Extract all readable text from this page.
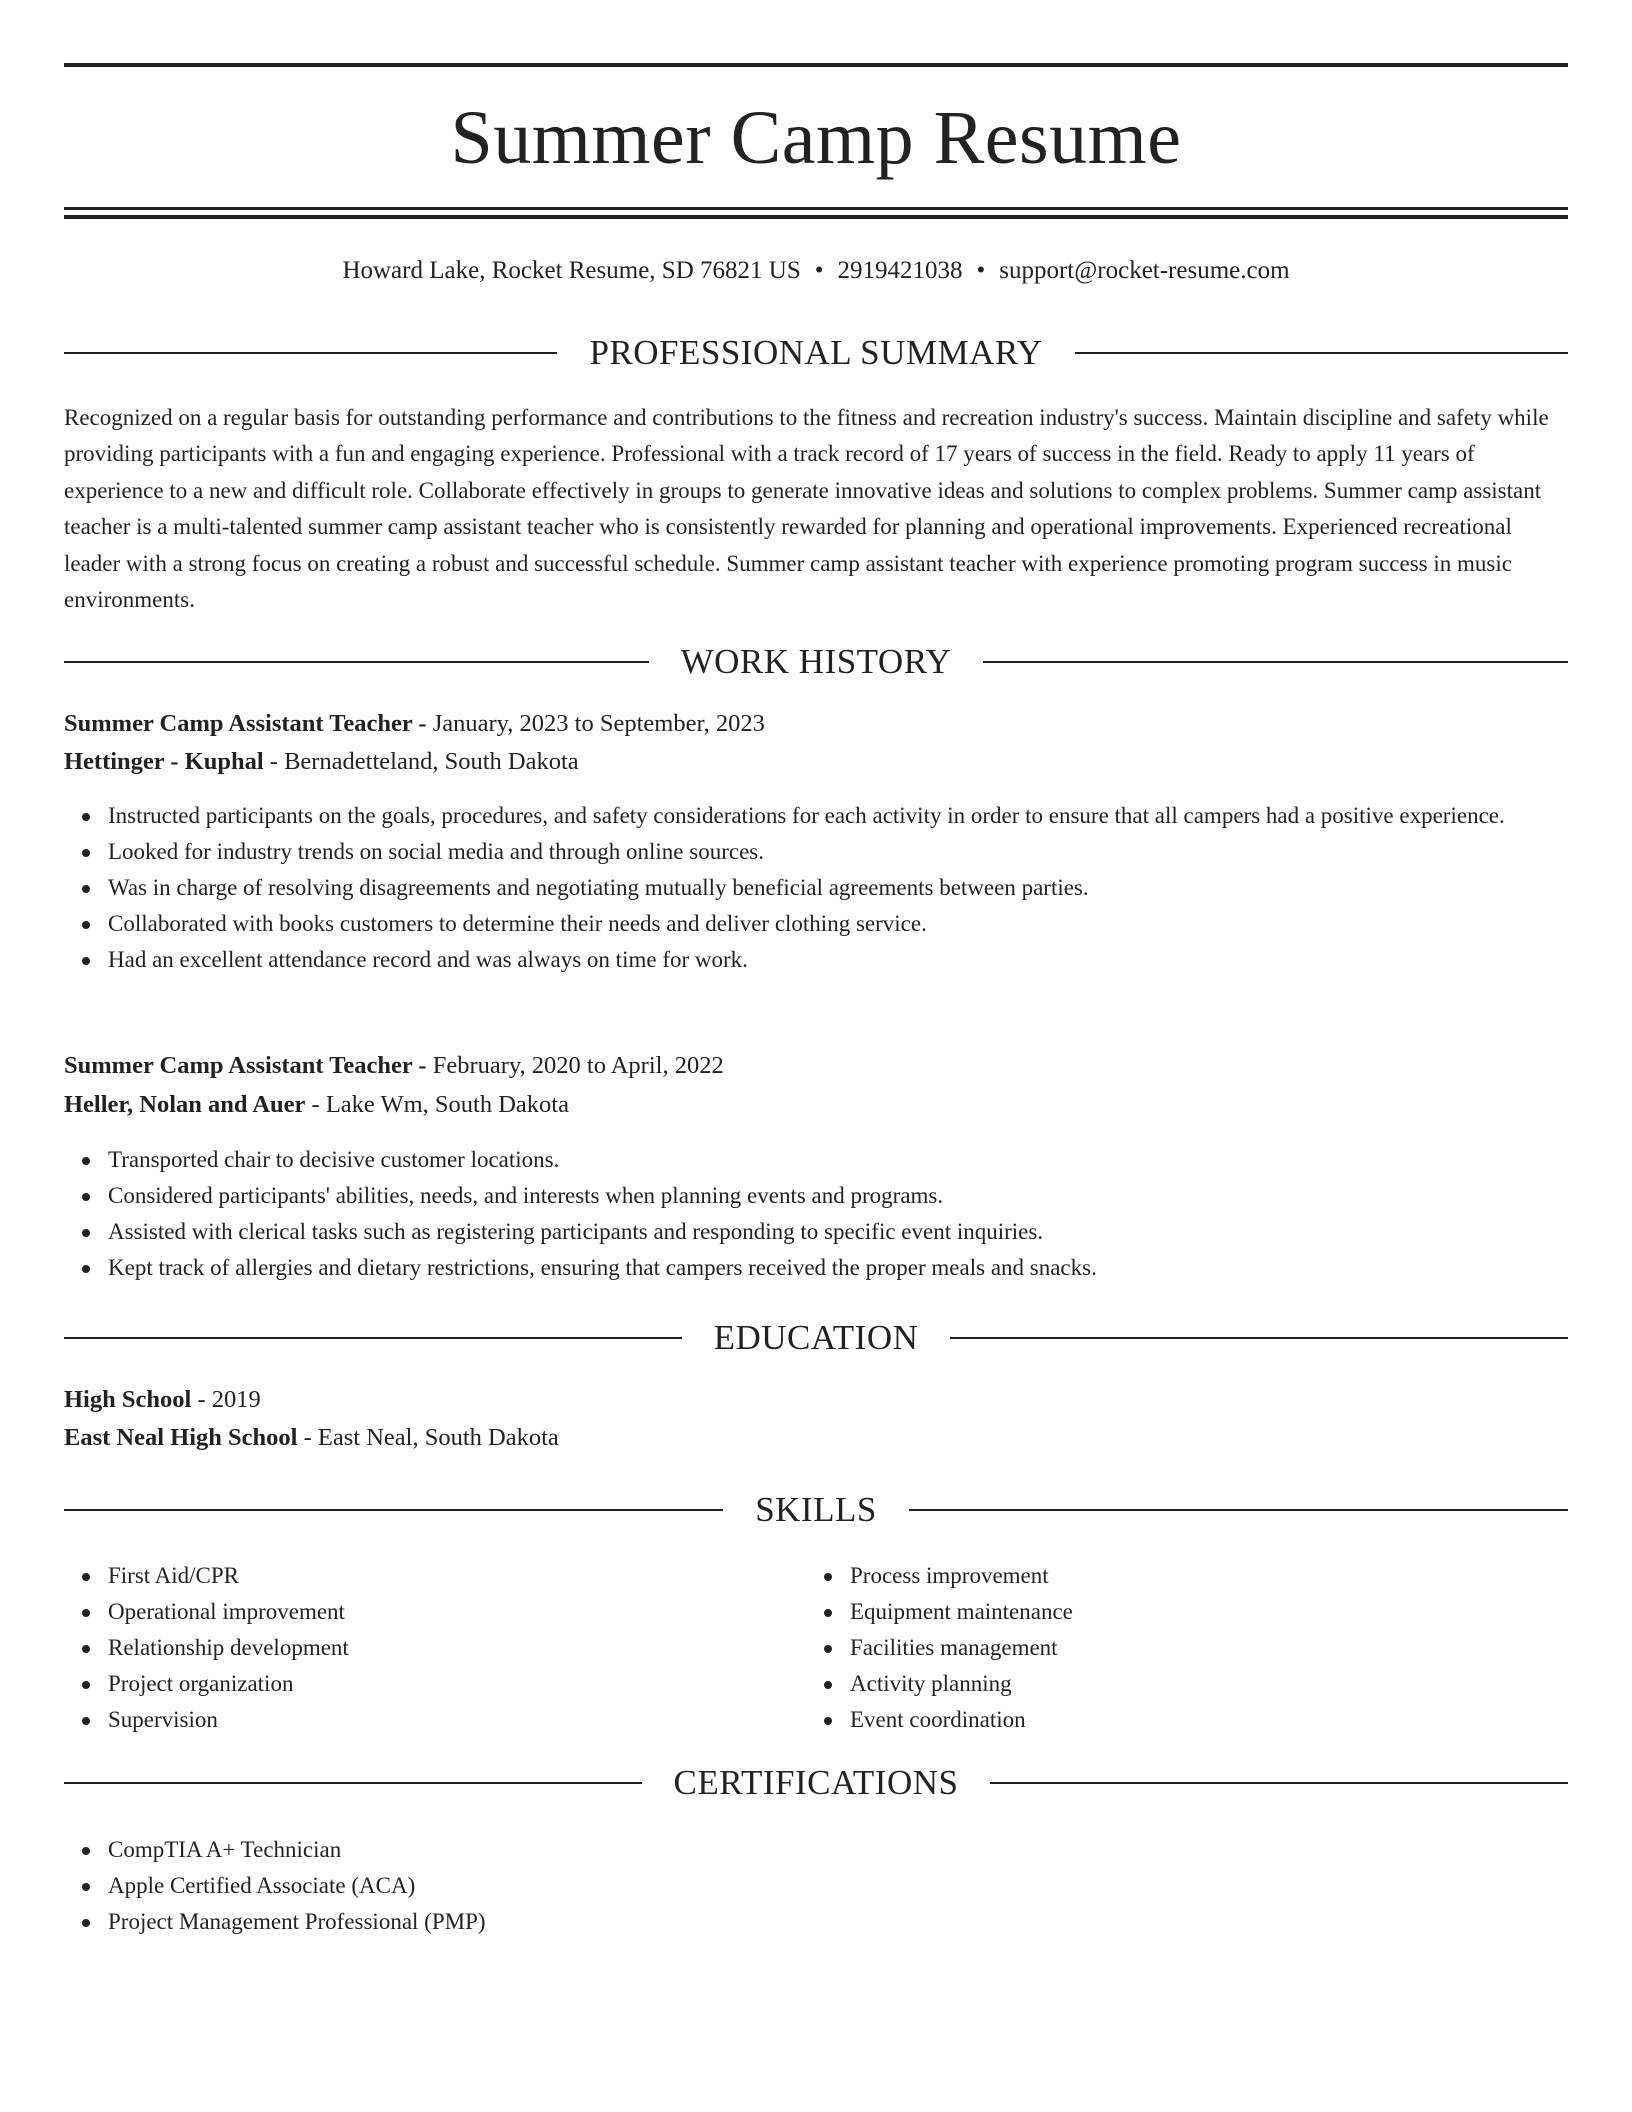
Summer Camp Resume
Howard Lake, Rocket Resume, SD 76821 US • 2919421038 • support@rocket-resume.com
PROFESSIONAL SUMMARY

Recognized on a regular basis for outstanding performance and contributions to the fitness and recreation industry's success. Maintain discipline and safety while providing participants with a fun and engaging experience. Professional with a track record of 17 years of success in the field. Ready to apply 11 years of experience to a new and difficult role. Collaborate effectively in groups to generate innovative ideas and solutions to complex problems. Summer camp assistant teacher is a multi-talented summer camp assistant teacher who is consistently rewarded for planning and operational improvements. Experienced recreational leader with a strong focus on creating a robust and successful schedule. Summer camp assistant teacher with experience promoting program success in music environments.

WORK HISTORY
Summer Camp Assistant Teacher - January, 2023 to September, 2023
Hettinger - Kuphal - Bernadetteland, South Dakota
Instructed participants on the goals, procedures, and safety considerations for each activity in order to ensure that all campers had a positive experience.
Looked for industry trends on social media and through online sources.
Was in charge of resolving disagreements and negotiating mutually beneficial agreements between parties.
Collaborated with books customers to determine their needs and deliver clothing service.
Had an excellent attendance record and was always on time for work.
Summer Camp Assistant Teacher - February, 2020 to April, 2022
Heller, Nolan and Auer - Lake Wm, South Dakota
Transported chair to decisive customer locations.
Considered participants' abilities, needs, and interests when planning events and programs.
Assisted with clerical tasks such as registering participants and responding to specific event inquiries.
Kept track of allergies and dietary restrictions, ensuring that campers received the proper meals and snacks.
EDUCATION
High School - 2019
East Neal High School - East Neal, South Dakota
SKILLS
First Aid/CPR
Operational improvement
Relationship development
Project organization
Supervision
Process improvement
Equipment maintenance
Facilities management
Activity planning
Event coordination
CERTIFICATIONS
CompTIA A+ Technician
Apple Certified Associate (ACA)
Project Management Professional (PMP)
